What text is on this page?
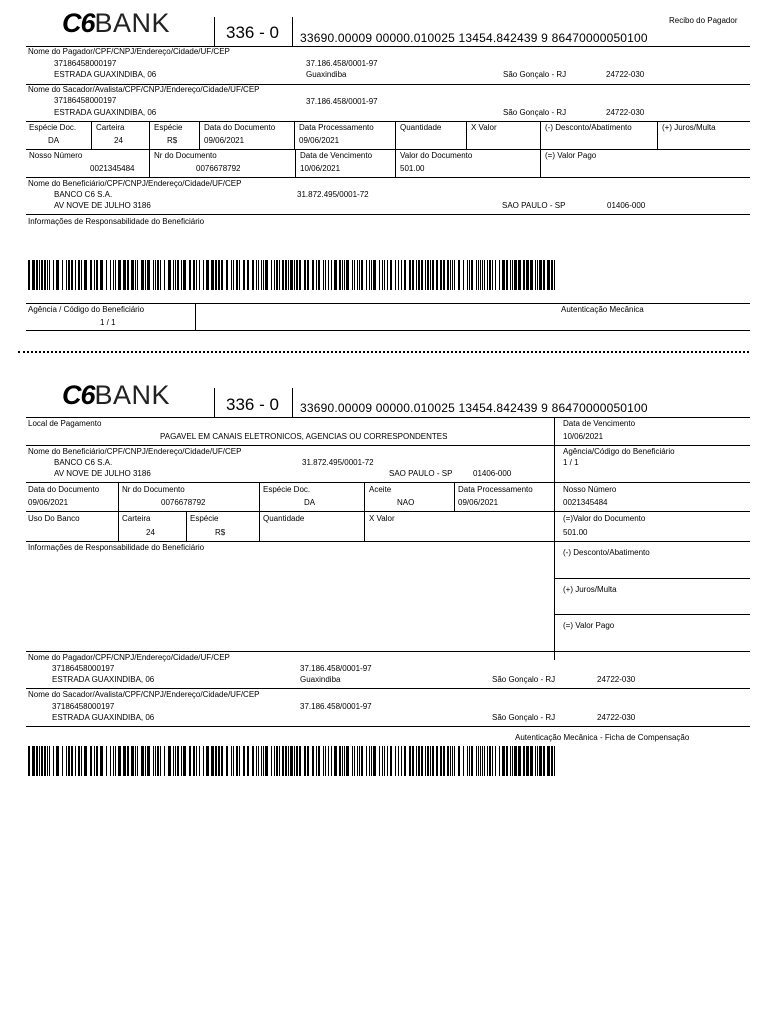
C6BANK	336 - 0 33690.00009 00000.010025 13454.842439 9 86470000050100
Recibo do Pagador
Nome do Pagador/CPF/CNPJ/Endereço/Cidade/UF/CEP
37186458000197
ESTRADA GUAXINDIBA, 06
37.186.458/0001-97
Guaxindiba	São Gonçalo - RJ	24722-030
Nome do Sacador/Avalista/CPF/CNPJ/Endereço/Cidade/UF/CEP
37186458000197
ESTRADA GUAXINDIBA, 06
37.186.458/0001-97
São Gonçalo - RJ	24722-030
Espécie Doc.
DA
Carteira
24
Espécie
R$
Data do Documento
09/06/2021
Data Processamento
09/06/2021
Quantidade	X Valor	(-) Desconto/Abatimento	(+) Juros/Multa
Nosso Número
0021345484
Nr do Documento
0076678792
Data de Vencimento
10/06/2021
Valor do Documento
501.00
(=) Valor Pago
Nome do Beneficiário/CPF/CNPJ/Endereço/Cidade/UF/CEP
BANCO C6 S.A.
AV NOVE DE JULHO 3186
31.872.495/0001-72
SAO PAULO - SP	01406-000
Informações de Responsabilidade do Beneficiário
Agência / Código do Beneficiário
1 / 1
Autenticação Mecânica
C6BANK	336 - 0 33690.00009 00000.010025 13454.842439 9 86470000050100
Local de Pagamento
PAGAVEL EM CANAIS ELETRONICOS, AGENCIAS OU CORRESPONDENTES
Data de Vencimento
10/06/2021
Nome do Beneficiário/CPF/CNPJ/Endereço/Cidade/UF/CEP
BANCO C6 S.A.
AV NOVE DE JULHO 3186
31.872.495/0001-72
SAO PAULO - SP	01406-000
Agência/Código do Beneficiário
1 / 1
Data do Documento
09/06/2021
Nr do Documento
0076678792
Espécie Doc.
DA
Aceite
NAO
Data Processamento
09/06/2021
Nosso Número
0021345484
Uso Do Banco	Carteira
24
Espécie
R$
Quantidade	X Valor	(=)Valor do Documento
501.00
Informações de Responsabilidade do Beneficiário
(-) Desconto/Abatimento
(+) Juros/Multa
(=) Valor Pago
Nome do Pagador/CPF/CNPJ/Endereço/Cidade/UF/CEP
37186458000197
ESTRADA GUAXINDIBA, 06
37.186.458/0001-97
Guaxindiba	São Gonçalo - RJ	24722-030
Nome do Sacador/Avalista/CPF/CNPJ/Endereço/Cidade/UF/CEP
37186458000197
ESTRADA GUAXINDIBA, 06
37.186.458/0001-97
São Gonçalo - RJ	24722-030
Autenticação Mecânica - Ficha de Compensação
